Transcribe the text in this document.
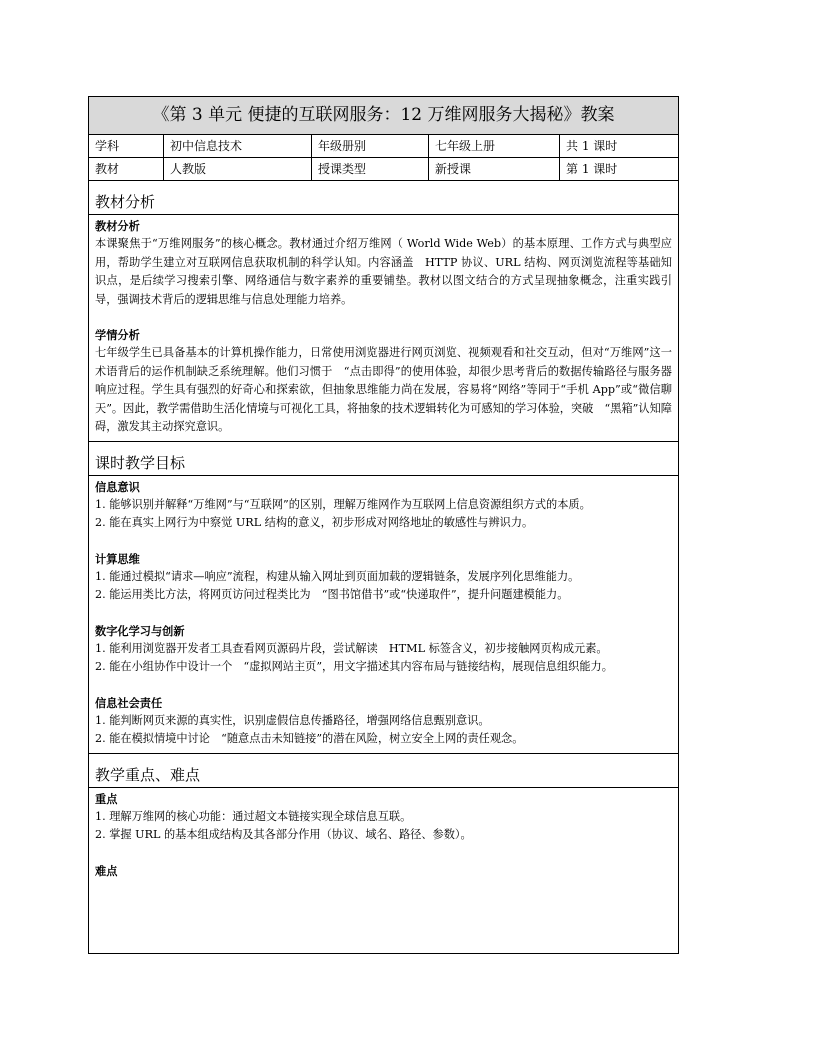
《第 3 单元 便捷的互联网服务：12 万维网服务大揭秘》教案
学科	初中信息技术	年级册别	七年级上册	共 1 课时
教材	人教版	授课类型	新授课	第 1 课时
教材分析
教材分析
本课聚焦于“万维网服务”的核心概念。教材通过介绍万维网（ World Wide Web）的基本原理、工作方式与典型应用，帮助学生建立对互联网信息获取机制的科学认知。内容涵盖　HTTP 协议、URL 结构、网页浏览流程等基础知识点，是后续学习搜索引擎、网络通信与数字素养的重要铺垫。教材以图文结合的方式呈现抽象概念，注重实践引导，强调技术背后的逻辑思维与信息处理能力培养。
学情分析
七年级学生已具备基本的计算机操作能力，日常使用浏览器进行网页浏览、视频观看和社交互动，但对“万维网”这一术语背后的运作机制缺乏系统理解。他们习惯于　“点击即得”的使用体验，却很少思考背后的数据传输路径与服务器响应过程。学生具有强烈的好奇心和探索欲，但抽象思维能力尚在发展，容易将“网络”等同于“手机 App”或“微信聊天”。因此，教学需借助生活化情境与可视化工具，将抽象的技术逻辑转化为可感知的学习体验，突破　“黑箱”认知障碍，激发其主动探究意识。
课时教学目标
信息意识
1. 能够识别并解释“万维网”与“互联网”的区别，理解万维网作为互联网上信息资源组织方式的本质。
2. 能在真实上网行为中察觉 URL 结构的意义，初步形成对网络地址的敏感性与辨识力。
计算思维
1. 能通过模拟“请求—响应”流程，构建从输入网址到页面加载的逻辑链条，发展序列化思维能力。
2. 能运用类比方法，将网页访问过程类比为　“图书馆借书”或“快递取件”，提升问题建模能力。
数字化学习与创新
1. 能利用浏览器开发者工具查看网页源码片段，尝试解读　HTML 标签含义，初步接触网页构成元素。
2. 能在小组协作中设计一个　“虚拟网站主页”，用文字描述其内容布局与链接结构，展现信息组织能力。
信息社会责任
1. 能判断网页来源的真实性，识别虚假信息传播路径，增强网络信息甄别意识。
2. 能在模拟情境中讨论　“随意点击未知链接”的潜在风险，树立安全上网的责任观念。
教学重点、难点
重点
1. 理解万维网的核心功能：通过超文本链接实现全球信息互联。
2. 掌握 URL 的基本组成结构及其各部分作用（协议、域名、路径、参数）。
难点
